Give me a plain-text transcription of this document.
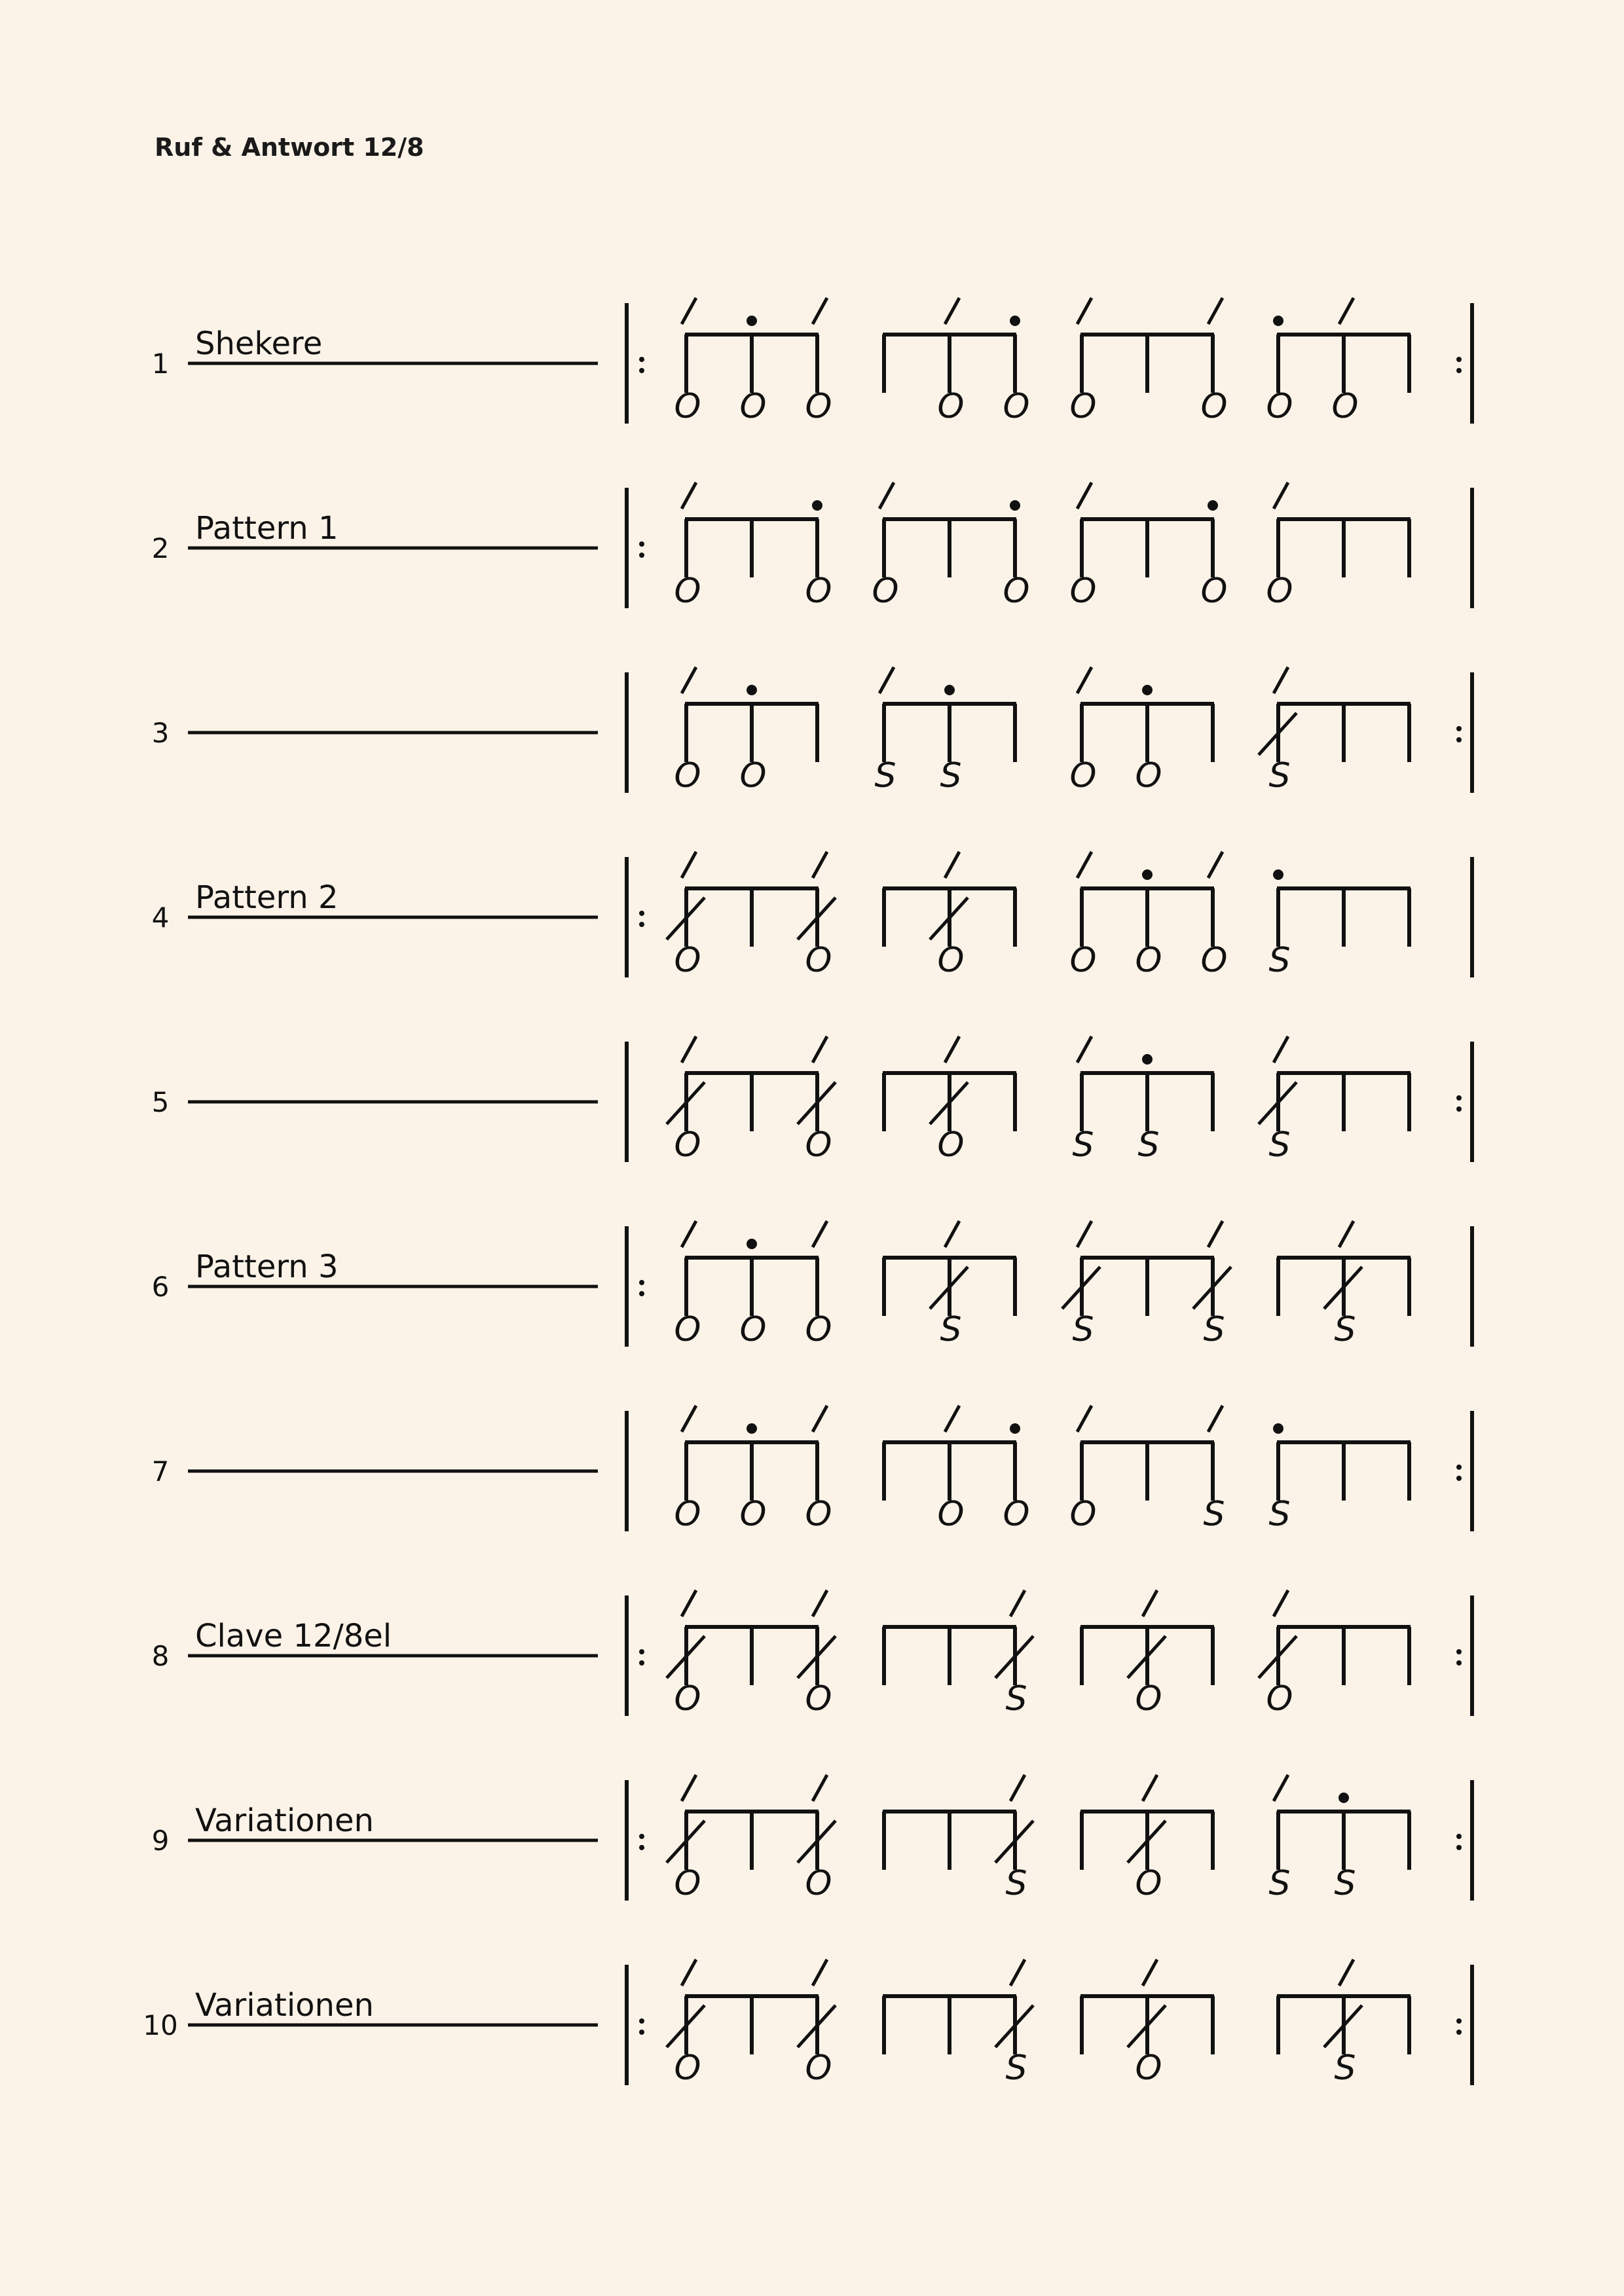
Ruf & Antwort 12/8
1
Shekere
O O O	O O O	O O O
2
Pattern 1
O	O O	O O	O O
3
O O	S S	O O	S
4
Pattern 2
O	O	O	O O O S
5
O	O	O	S S	S
6
Pattern 3
O O O	S	S	S	S
7
O O O	O O O	S S
8
Clave 12/8el
O	O	S	O	O
9
Variationen
O	O	S	O	S S
10
Variationen
O	O	S	O	S
